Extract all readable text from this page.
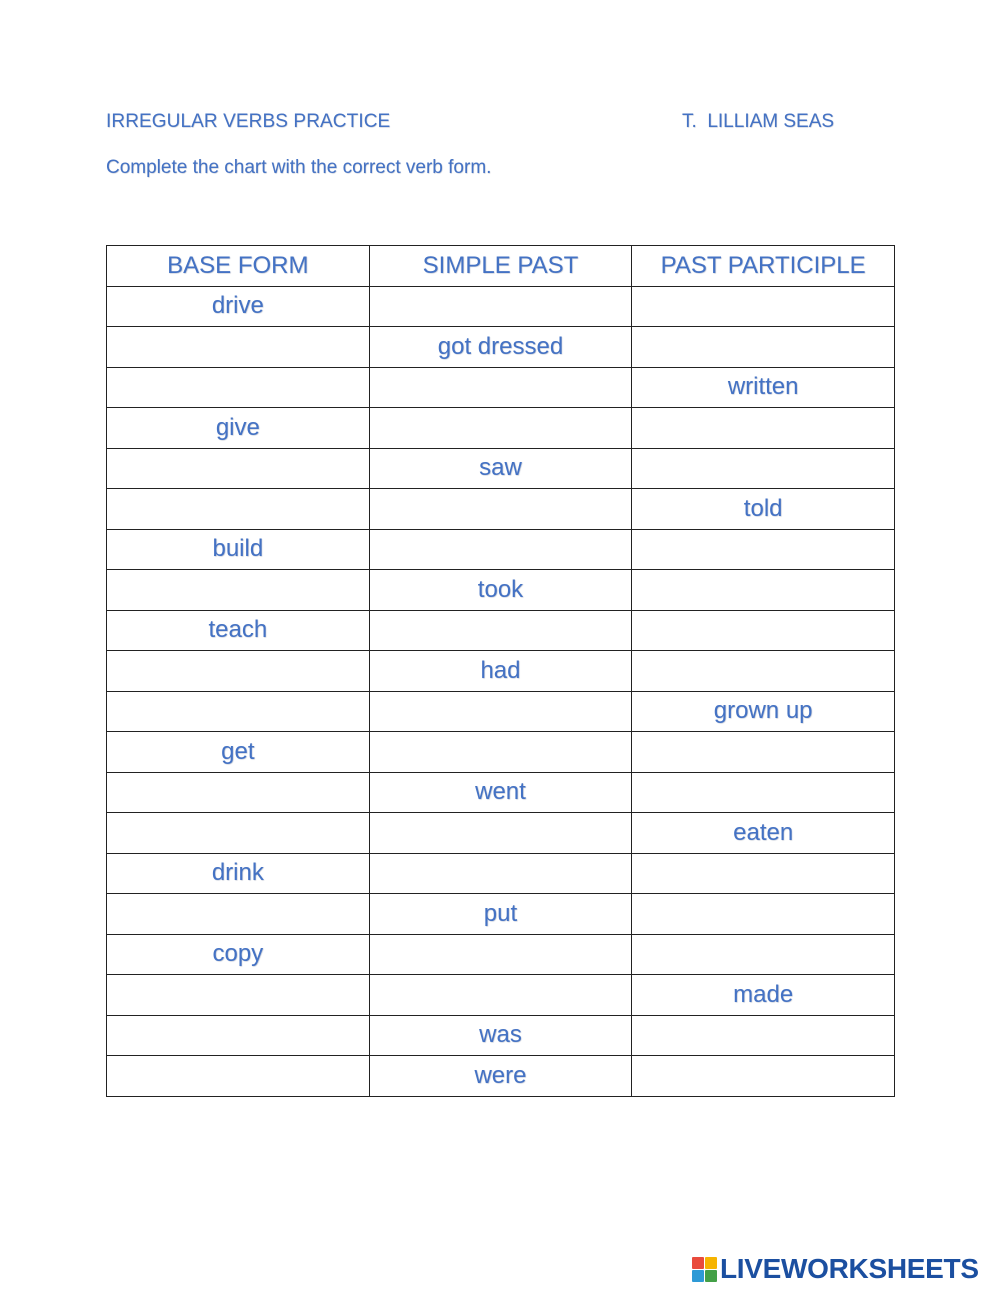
IRREGULAR VERBS PRACTICE	T.  LILLIAM SEAS
Complete the chart with the correct verb form.
BASE FORM	SIMPLE PAST	PAST PARTICIPLE
drive		
	got dressed	
		written
give		
	saw	
		told
build		
	took	
teach		
	had	
		grown up
get		
	went	
		eaten
drink		
	put	
copy		
		made
	was	
	were	
LIVEWORKSHEETS
